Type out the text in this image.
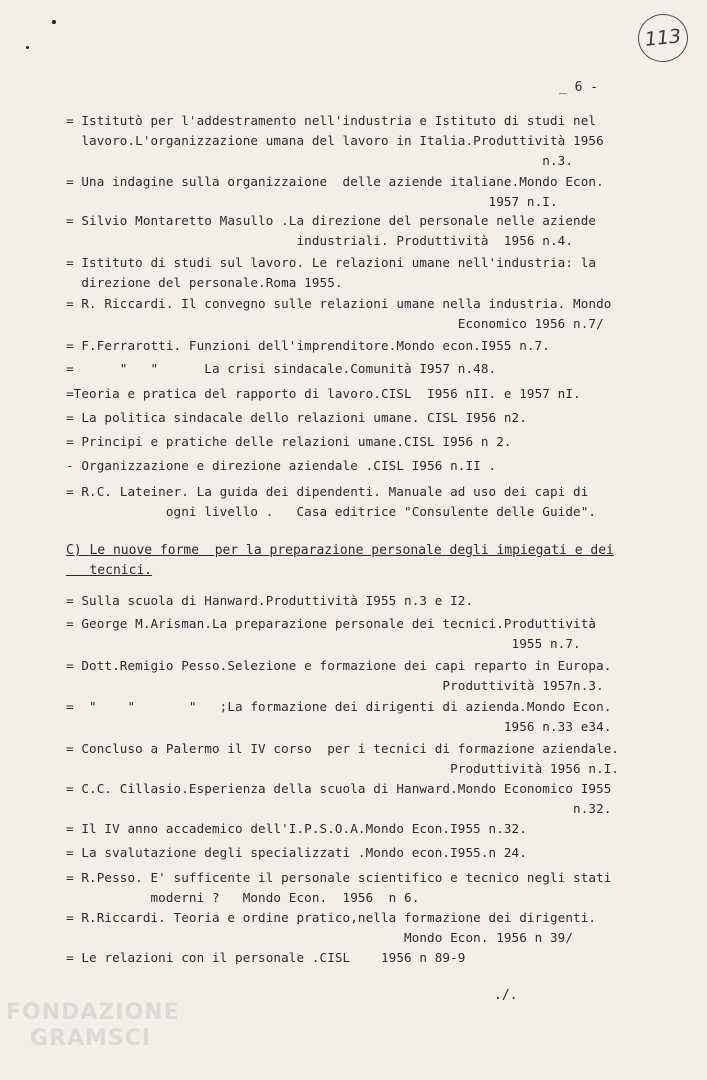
113
_ 6 -
= Istitutò per l'addestramento nell'industria e Istituto di studi nel
lavoro.L'organizzazione umana del lavoro in Italia.Produttività 1956
n.3.
= Una indagine sulla organizzaione  delle aziende italiane.Mondo Econ.
1957 n.I.
= Silvio Montaretto Masullo .La direzione del personale nelle aziende
industriali. Produttività  1956 n.4.
= Istituto di studi sul lavoro. Le relazioni umane nell'industria: la
direzione del personale.Roma 1955.
= R. Riccardi. Il convegno sulle relazioni umane nella industria. Mondo
Economico 1956 n.7/
= F.Ferrarotti. Funzioni dell'imprenditore.Mondo econ.I955 n.7.
=      "   "      La crisi sindacale.Comunità I957 n.48.
=Teoria e pratica del rapporto di lavoro.CISL  I956 nII. e 1957 nI.
= La politica sindacale dello relazioni umane. CISL I956 n2.
= Principi e pratiche delle relazioni umane.CISL I956 n 2.
- Organizzazione e direzione aziendale .CISL I956 n.II .
= R.C. Lateiner. La guida dei dipendenti. Manuale ad uso dei capi di
ogni livello .   Casa editrice "Consulente delle Guide".
C) Le nuove forme  per la preparazione personale degli impiegati e dei
tecnici.
= Sulla scuola di Hanward.Produttività I955 n.3 e I2.
= George M.Arisman.La preparazione personale dei tecnici.Produttività
1955 n.7.
= Dott.Remigio Pesso.Selezione e formazione dei capi reparto in Europa.
Produttività 1957n.3.
=  "    "       "   ;La formazione dei dirigenti di azienda.Mondo Econ.
1956 n.33 e34.
= Concluso a Palermo il IV corso  per i tecnici di formazione aziendale.
Produttività 1956 n.I.
= C.C. Cillasio.Esperienza della scuola di Hanward.Mondo Economico I955
n.32.
= Il IV anno accademico dell'I.P.S.O.A.Mondo Econ.I955 n.32.
= La svalutazione degli specializzati .Mondo econ.I955.n 24.
= R.Pesso. E' sufficente il personale scientifico e tecnico negli stati
moderni ?   Mondo Econ.  1956  n 6.
= R.Riccardi. Teoria e ordine pratico,nella formazione dei dirigenti.
Mondo Econ. 1956 n 39/
= Le relazioni con il personale .CISL    1956 n 89-9
./.
FONDAZIONE
GRAMSCI
